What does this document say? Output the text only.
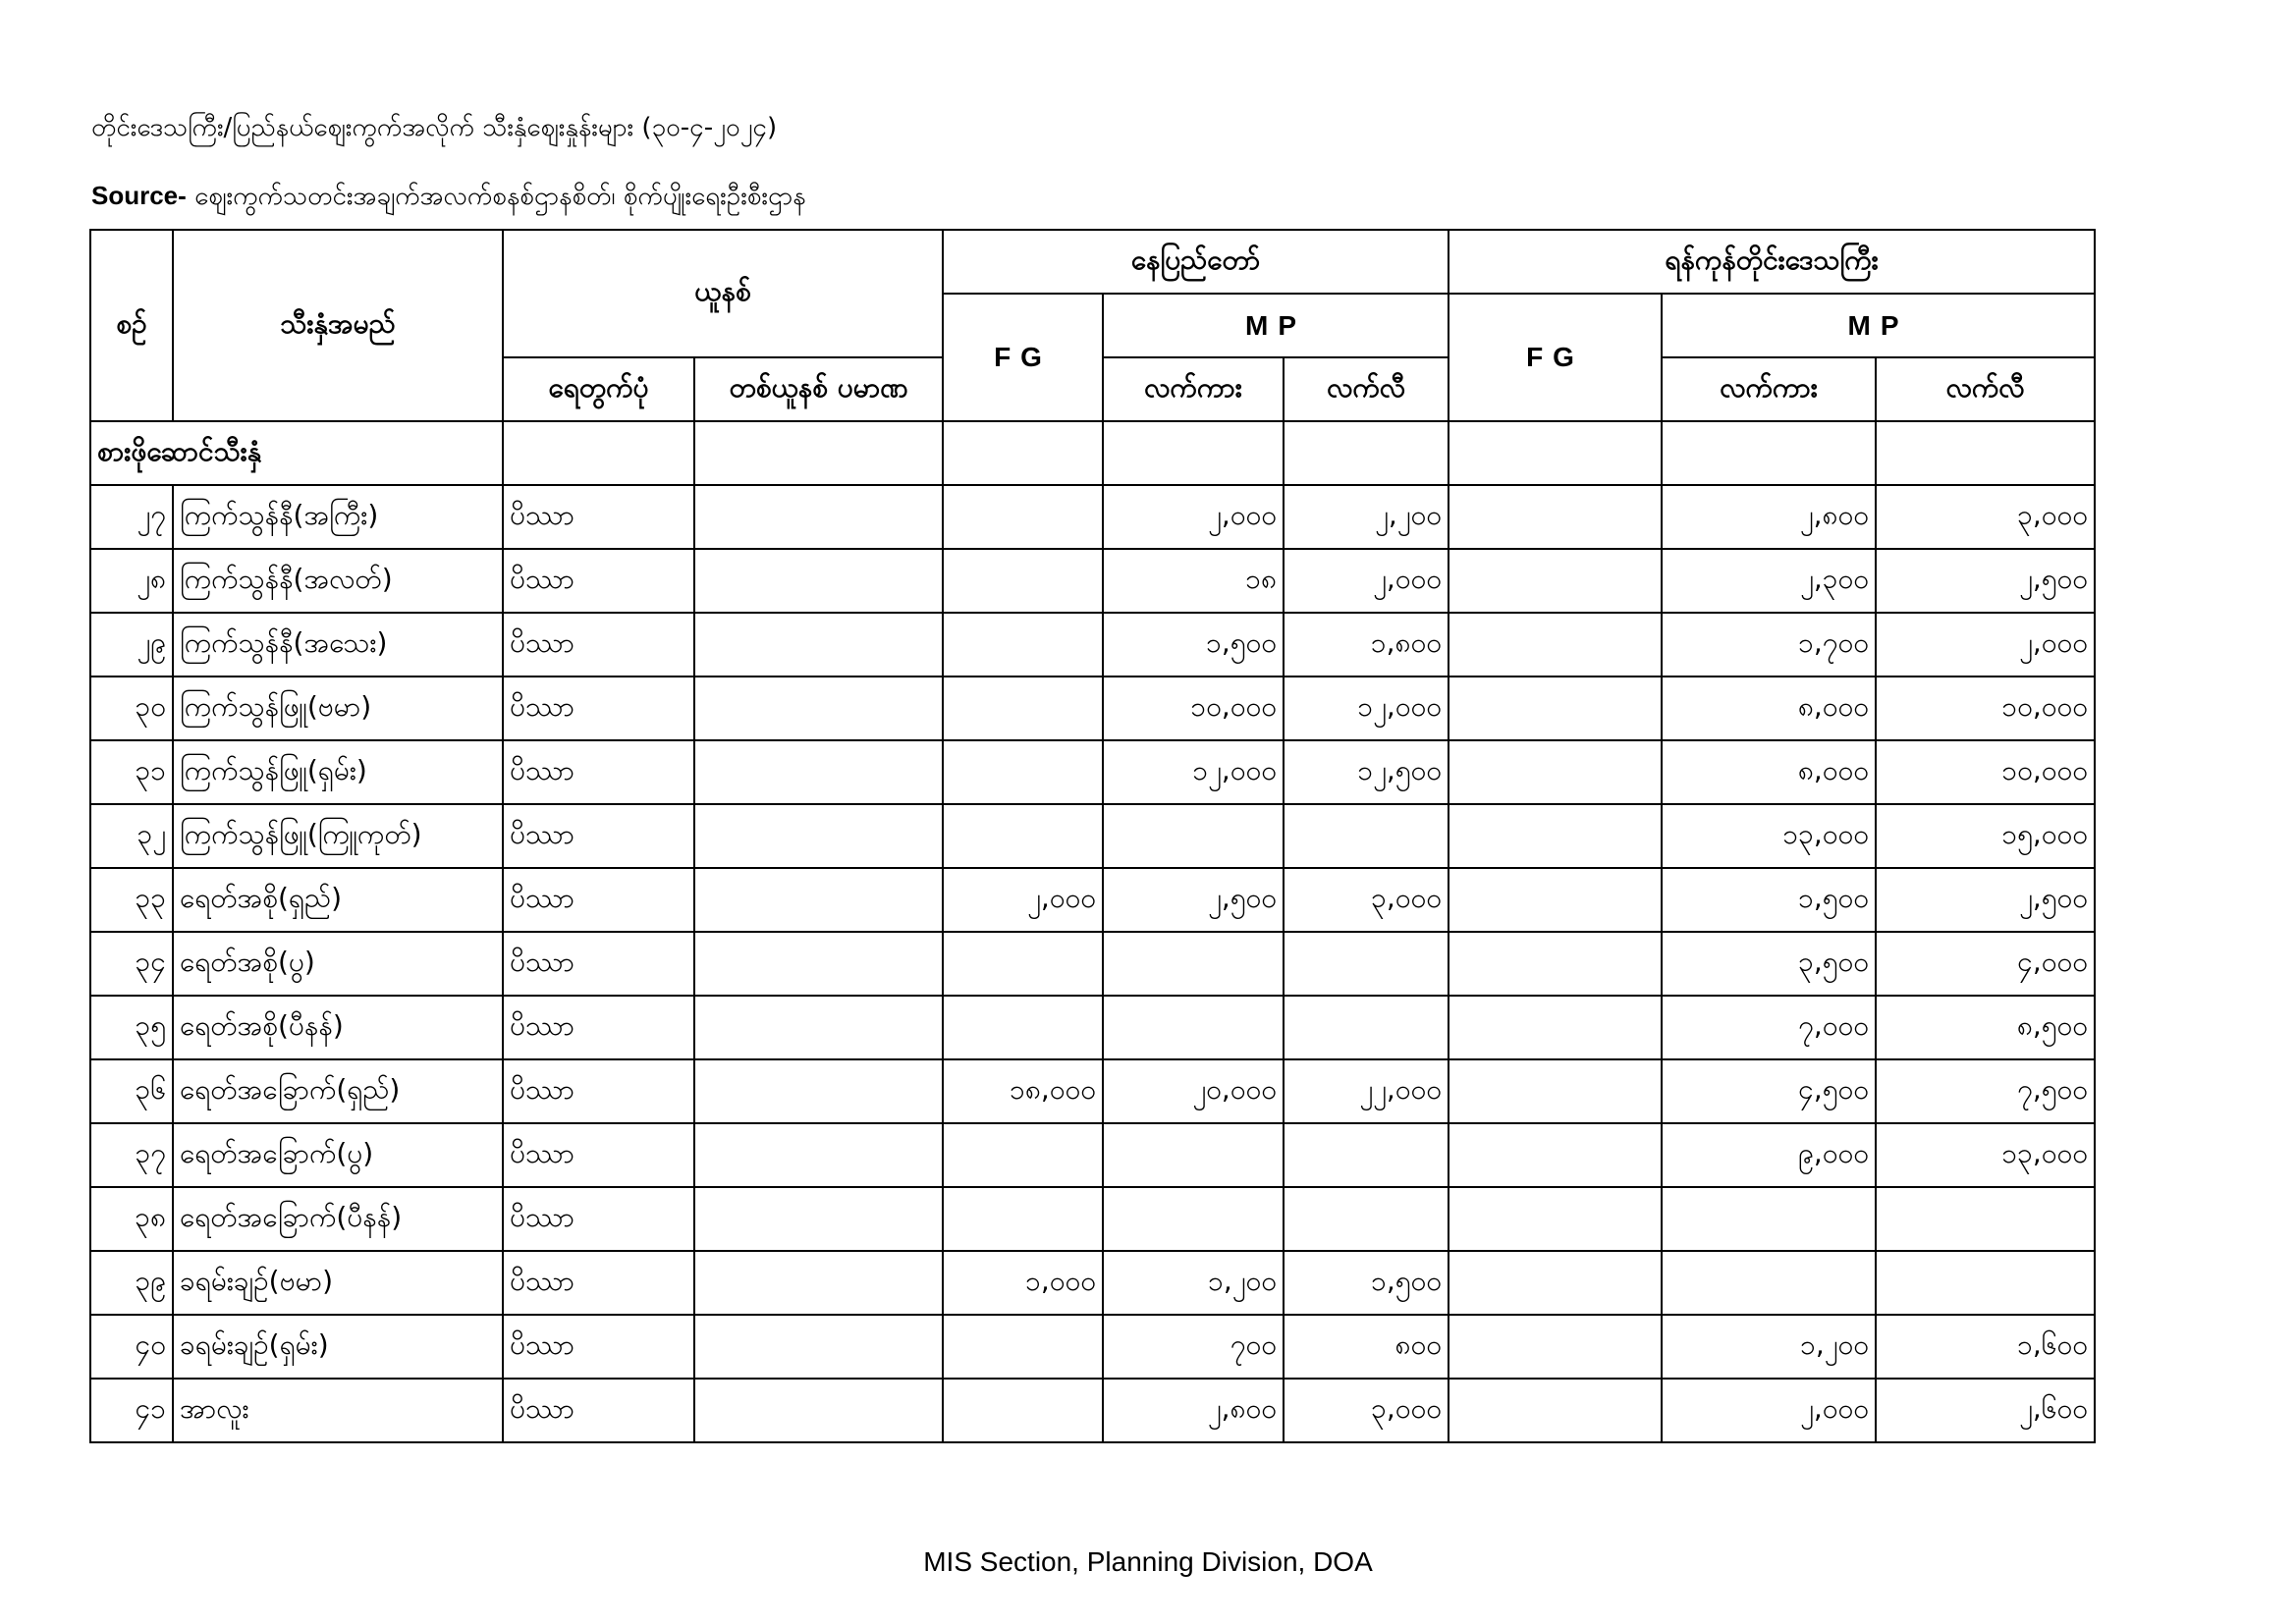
တိုင်းဒေသကြီး/ပြည်နယ်ဈေးကွက်အလိုက် သီးနှံဈေးနှုန်းများ (၃၀-၄-၂၀၂၄)
Source- ဈေးကွက်သတင်းအချက်အလက်စနစ်ဌာနစိတ်၊ စိုက်ပျိုးရေးဦးစီးဌာန
စဉ်	သီးနှံအမည်	ယူနစ်		နေပြည်တော်			ရန်ကုန်တိုင်းဒေသကြီး		
				FG	MP		FG	MP	
		ရေတွက်ပုံ	တစ်ယူနစ် ပမာဏ		လက်ကား	လက်လီ		လက်ကား	လက်လီ
စားဖိုဆောင်သီးနှံ									
၂၇	ကြက်သွန်နီ(အကြီး)	ပိဿာ			၂,၀၀၀	၂,၂၀၀		၂,၈၀၀	၃,၀၀၀
၂၈	ကြက်သွန်နီ(အလတ်)	ပိဿာ			၁၈	၂,၀၀၀		၂,၃၀၀	၂,၅၀၀
၂၉	ကြက်သွန်နီ(အသေး)	ပိဿာ			၁,၅၀၀	၁,၈၀၀		၁,၇၀၀	၂,၀၀၀
၃၀	ကြက်သွန်ဖြူ(ဗမာ)	ပိဿာ			၁၀,၀၀၀	၁၂,၀၀၀		၈,၀၀၀	၁၀,၀၀၀
၃၁	ကြက်သွန်ဖြူ(ရှမ်း)	ပိဿာ			၁၂,၀၀၀	၁၂,၅၀၀		၈,၀၀၀	၁၀,၀၀၀
၃၂	ကြက်သွန်ဖြူ(ကြူကုတ်)	ပိဿာ						၁၃,၀၀၀	၁၅,၀၀၀
၃၃	ရေတ်အစို(ရှည်)	ပိဿာ		၂,၀၀၀	၂,၅၀၀	၃,၀၀၀		၁,၅၀၀	၂,၅၀၀
၃၄	ရေတ်အစို(ပွ)	ပိဿာ						၃,၅၀၀	၄,၀၀၀
၃၅	ရေတ်အစို(ပီနန်)	ပိဿာ						၇,၀၀၀	၈,၅၀၀
၃၆	ရေတ်အခြောက်(ရှည်)	ပိဿာ		၁၈,၀၀၀	၂၀,၀၀၀	၂၂,၀၀၀		၄,၅၀၀	၇,၅၀၀
၃၇	ရေတ်အခြောက်(ပွ)	ပိဿာ						၉,၀၀၀	၁၃,၀၀၀
၃၈	ရေတ်အခြောက်(ပီနန်)	ပိဿာ							
၃၉	ခရမ်းချဉ်(ဗမာ)	ပိဿာ		၁,၀၀၀	၁,၂၀၀	၁,၅၀၀			
၄၀	ခရမ်းချဉ်(ရှမ်း)	ပိဿာ			၇၀၀	၈၀၀		၁,၂၀၀	၁,၆၀၀
၄၁	အာလူး	ပိဿာ			၂,၈၀၀	၃,၀၀၀		၂,၀၀၀	၂,၆၀၀
MIS Section, Planning Division, DOA
